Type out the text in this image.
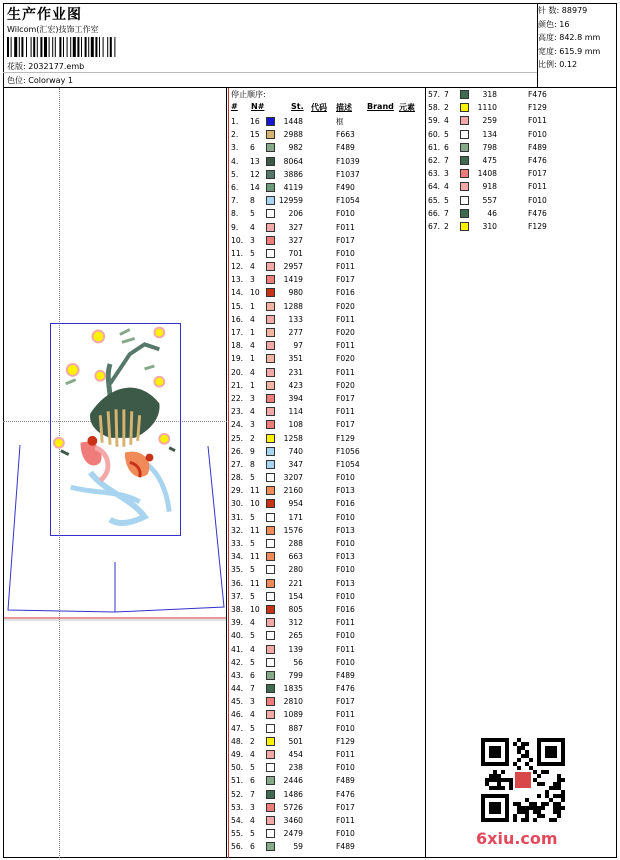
生产作业图
Wilcom(汇宏)技饰工作室
花版: 2032177.emb
色位: Colorway 1
针 数: 88979
颜色: 16
高度: 842.8 mm
宽度: 615.9 mm
比例: 0.12
停止顺序:
# N#	St. 代码 描述 Brand 元素
1. 16	1448	框
2. 15	2988	F663
3. 6	982	F489
4. 13	8064	F1039
5. 12	3886	F1037
6. 14	4119	F490
7. 8	12959	F1054
8. 5	206	F010
9. 4	327	F011
10. 3	327	F017
11. 5	701	F010
12. 4	2957	F011
13. 3	1419	F017
14. 10	980	F016
15. 1	1288	F020
16. 4	133	F011
17. 1	277	F020
18. 4	97	F011
19. 1	351	F020
20. 4	231	F011
21. 1	423	F020
22. 3	394	F017
23. 4	114	F011
24. 3	108	F017
25. 2	1258	F129
26. 9	740	F1056
27. 8	347	F1054
28. 5	3207	F010
29. 11	2160	F013
30. 10	954	F016
31. 5	171	F010
32. 11	1576	F013
33. 5	288	F010
34. 11	663	F013
35. 5	280	F010
36. 11	221	F013
37. 5	154	F010
38. 10	805	F016
39. 4	312	F011
40. 5	265	F010
41. 4	139	F011
42. 5	56	F010
43. 6	799	F489
44. 7	1835	F476
45. 3	2810	F017
46. 4	1089	F011
47. 5	887	F010
48. 2	501	F129
49. 4	454	F011
50. 5	238	F010
51. 6	2446	F489
52. 7	1486	F476
53. 3	5726	F017
54. 4	3460	F011
55. 5	2479	F010
56. 6	59	F489
57. 7	318	F476
58. 2	1110	F129
59. 4	259	F011
60. 5	134	F010
61. 6	798	F489
62. 7	475	F476
63. 3	1408	F017
64. 4	918	F011
65. 5	557	F010
66. 7	46	F476
67. 2	310	F129
6xiu.com
